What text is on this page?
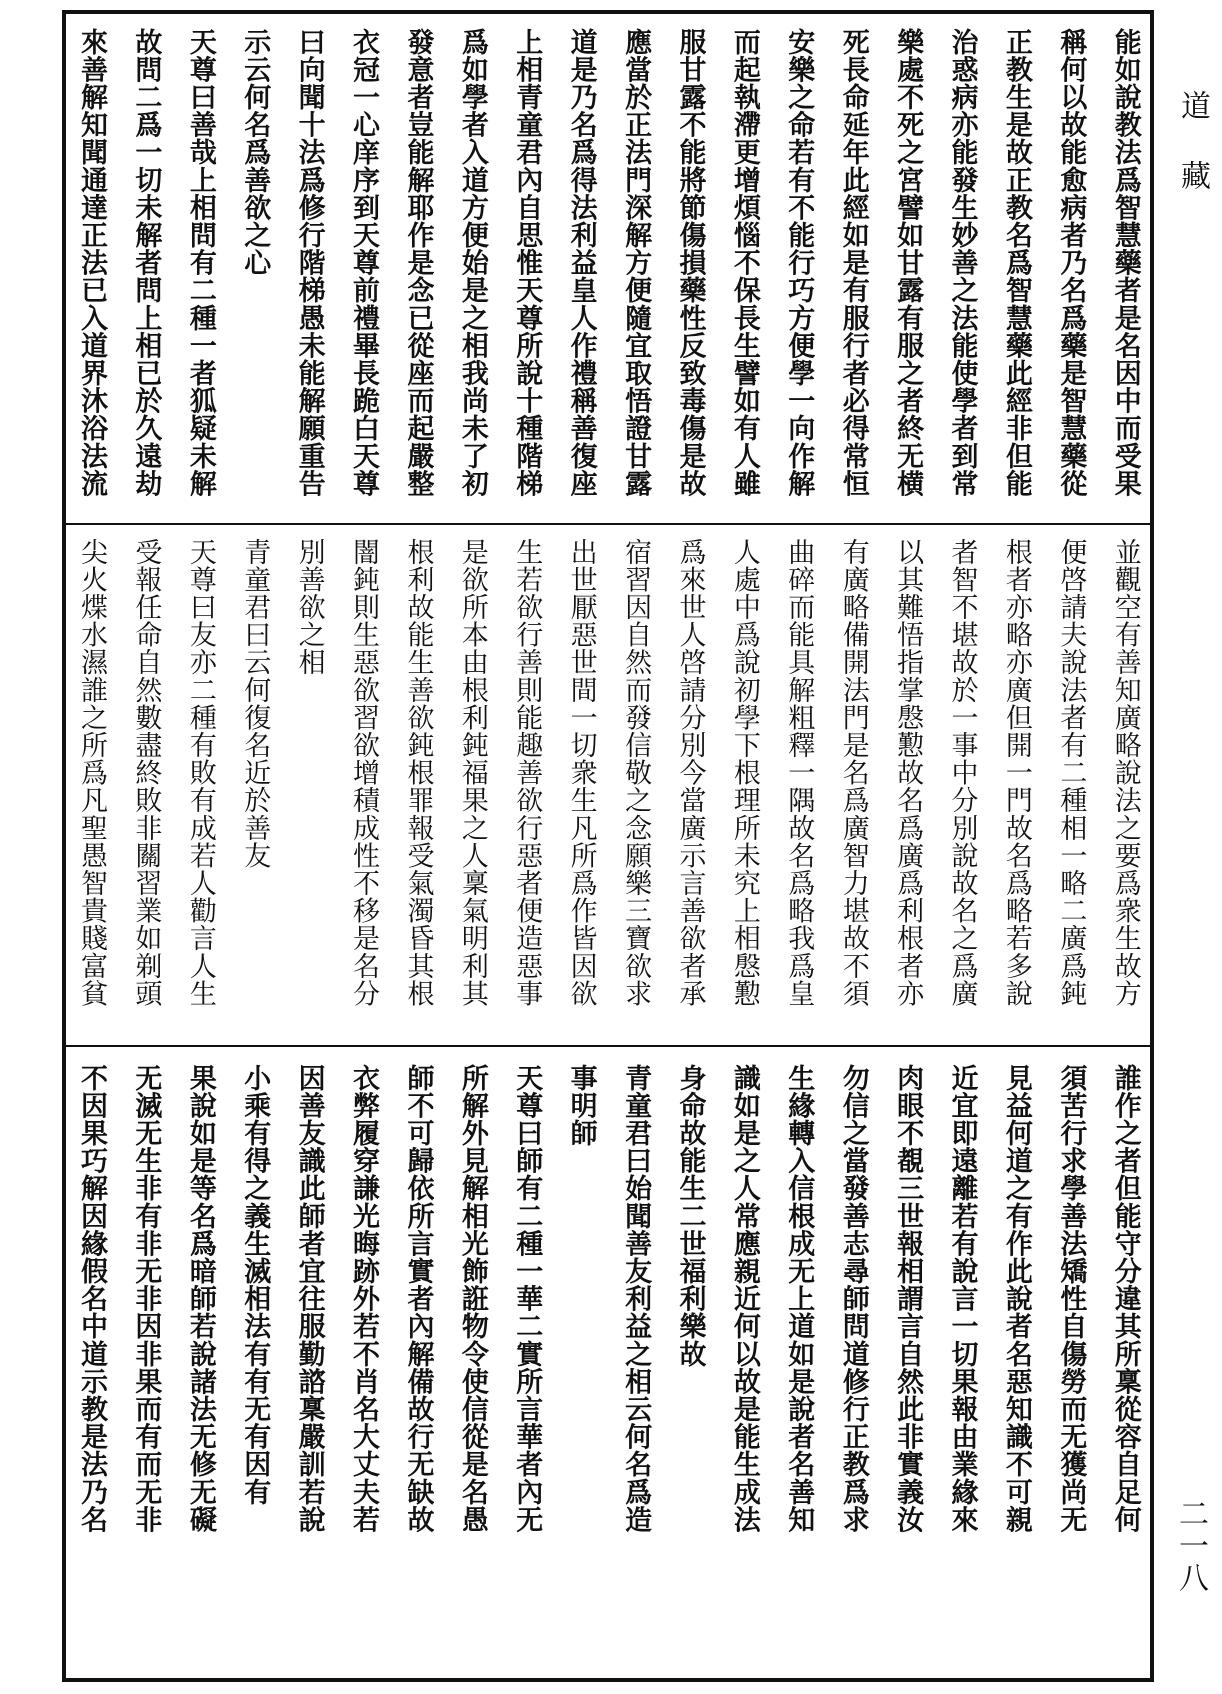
能如說教法爲智慧藥者是名因中而受果
稱何以故能愈病者乃名爲藥是智慧藥從
正教生是故正教名爲智慧藥此經非但能
治惑病亦能發生妙善之法能使學者到常
樂處不死之宮譬如甘露有服之者終无横
死長命延年此經如是有服行者必得常恒
安樂之命若有不能行巧方便學一向作解
而起執滯更增煩惱不保長生譬如有人雖
服甘露不能將節傷損藥性反致毒傷是故
應當於正法門深解方便隨宜取悟證甘露
道是乃名爲得法利益皇人作禮稱善復座
上相青童君內自思惟天尊所說十種階梯
爲如學者入道方便始是之相我尚未了初
發意者豈能解耶作是念已從座而起嚴整
衣冠一心庠序到天尊前禮畢長跪白天尊
曰向聞十法爲修行階梯愚未能解願重告
示云何名爲善欲之心
天尊曰善哉上相問有二種一者狐疑未解
故問二爲一切未解者問上相已於久遠劫
來善解知聞通達正法已入道界沐浴法流
並觀空有善知廣略說法之要爲衆生故方
便啓請夫說法者有二種相一略二廣爲鈍
根者亦略亦廣但開一門故名爲略若多說
者智不堪故於一事中分別說故名之爲廣
以其難悟指掌慇懃故名爲廣爲利根者亦
有廣略備開法門是名爲廣智力堪故不須
曲碎而能具解粗釋一隅故名爲略我爲皇
人處中爲說初學下根理所未究上相慇懃
爲來世人啓請分別今當廣示言善欲者承
宿習因自然而發信敬之念願樂三寶欲求
出世厭惡世間一切衆生凡所爲作皆因欲
生若欲行善則能趣善欲行惡者便造惡事
是欲所本由根利鈍福果之人稟氣明利其
根利故能生善欲鈍根罪報受氣濁昏其根
闇鈍則生惡欲習欲增積成性不移是名分
別善欲之相
青童君曰云何復名近於善友
天尊曰友亦二種有敗有成若人勸言人生
受報任命自然數盡終敗非關習業如剃頭
尖火煠水濕誰之所爲凡聖愚智貴賤富貧
誰作之者但能守分違其所稟從容自足何
須苦行求學善法矯性自傷勞而无獲尚无
見益何道之有作此說者名惡知識不可親
近宜即遠離若有說言一切果報由業緣來
肉眼不覩三世報相謂言自然此非實義汝
勿信之當發善志尋師問道修行正教爲求
生緣轉入信根成无上道如是說者名善知
識如是之人常應親近何以故是能生成法
身命故能生二世福利樂故
青童君曰始聞善友利益之相云何名爲造
事明師
天尊曰師有二種一華二實所言華者內无
所解外見解相光飾誑物令使信從是名愚
師不可歸依所言實者內解備故行无缺故
衣弊履穿謙光晦跡外若不肖名大丈夫若
因善友識此師者宜往服勤諮稟嚴訓若說
小乘有得之義生滅相法有有无有因有
果說如是等名爲暗師若說諸法无修无礙
无滅无生非有非无非因非果而有而无非
不因果巧解因緣假名中道示教是法乃名
道藏
二一八
